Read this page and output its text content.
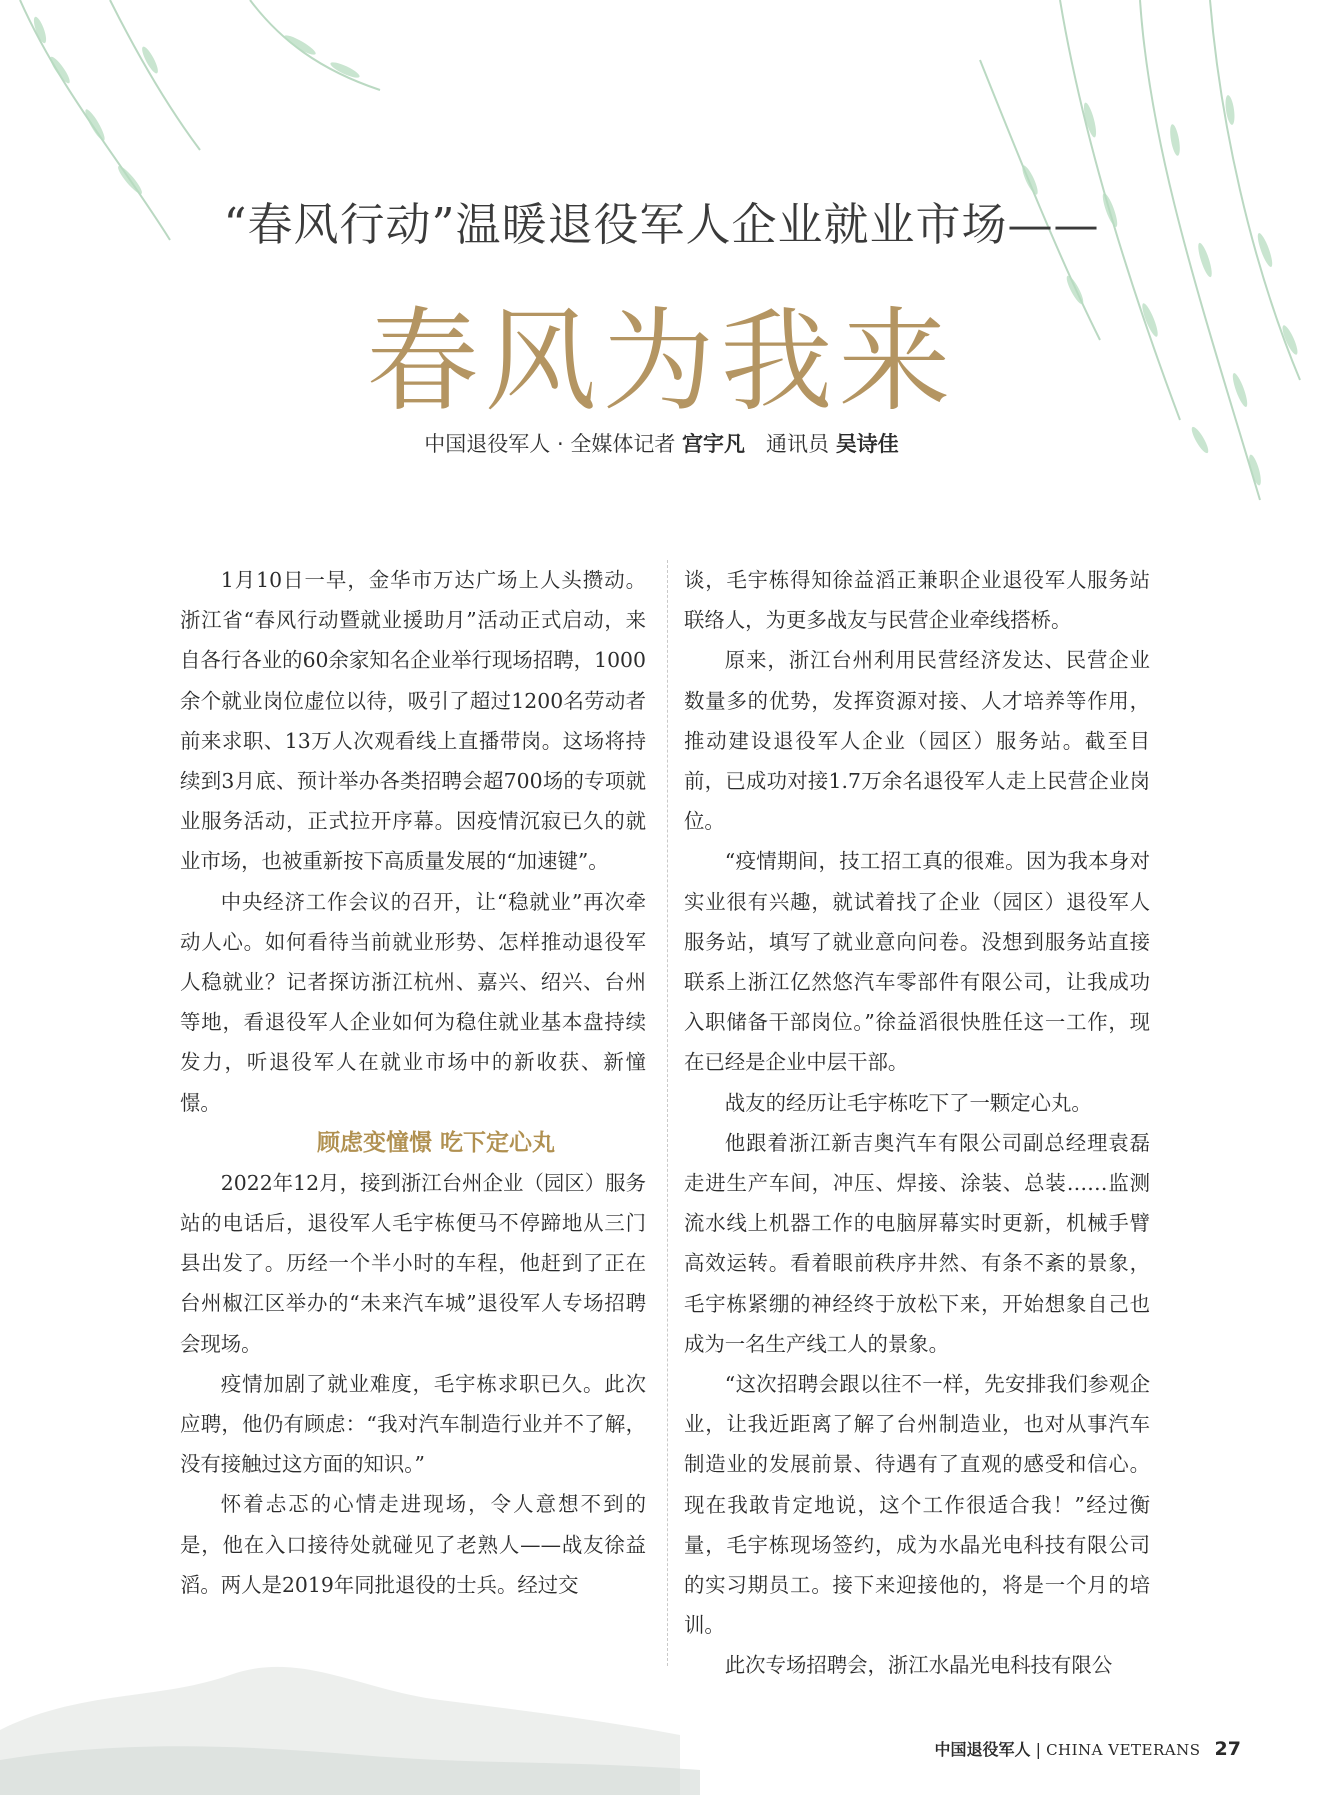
“春风行动”温暖退役军人企业就业市场——
春风为我来
中国退役军人 · 全媒体记者 宫宇凡　通讯员 吴诗佳

1月10日一早，金华市万达广场上人头攒动。浙江省“春风行动暨就业援助月”活动正式启动，来自各行各业的60余家知名企业举行现场招聘，1000余个就业岗位虚位以待，吸引了超过1200名劳动者前来求职、13万人次观看线上直播带岗。这场将持续到3月底、预计举办各类招聘会超700场的专项就业服务活动，正式拉开序幕。因疫情沉寂已久的就业市场，也被重新按下高质量发展的“加速键”。

中央经济工作会议的召开，让“稳就业”再次牵动人心。如何看待当前就业形势、怎样推动退役军人稳就业？记者探访浙江杭州、嘉兴、绍兴、台州等地，看退役军人企业如何为稳住就业基本盘持续发力，听退役军人在就业市场中的新收获、新憧憬。

顾虑变憧憬 吃下定心丸

2022年12月，接到浙江台州企业（园区）服务站的电话后，退役军人毛宇栋便马不停蹄地从三门县出发了。历经一个半小时的车程，他赶到了正在台州椒江区举办的“未来汽车城”退役军人专场招聘会现场。

疫情加剧了就业难度，毛宇栋求职已久。此次应聘，他仍有顾虑：“我对汽车制造行业并不了解，没有接触过这方面的知识。”

怀着忐忑的心情走进现场，令人意想不到的是，他在入口接待处就碰见了老熟人——战友徐益滔。两人是2019年同批退役的士兵。经过交

谈，毛宇栋得知徐益滔正兼职企业退役军人服务站联络人，为更多战友与民营企业牵线搭桥。

原来，浙江台州利用民营经济发达、民营企业数量多的优势，发挥资源对接、人才培养等作用，推动建设退役军人企业（园区）服务站。截至目前，已成功对接1.7万余名退役军人走上民营企业岗位。

“疫情期间，技工招工真的很难。因为我本身对实业很有兴趣，就试着找了企业（园区）退役军人服务站，填写了就业意向问卷。没想到服务站直接联系上浙江亿然悠汽车零部件有限公司，让我成功入职储备干部岗位。”徐益滔很快胜任这一工作，现在已经是企业中层干部。

战友的经历让毛宇栋吃下了一颗定心丸。

他跟着浙江新吉奥汽车有限公司副总经理袁磊走进生产车间，冲压、焊接、涂装、总装……监测流水线上机器工作的电脑屏幕实时更新，机械手臂高效运转。看着眼前秩序井然、有条不紊的景象，毛宇栋紧绷的神经终于放松下来，开始想象自己也成为一名生产线工人的景象。

“这次招聘会跟以往不一样，先安排我们参观企业，让我近距离了解了台州制造业，也对从事汽车制造业的发展前景、待遇有了直观的感受和信心。现在我敢肯定地说，这个工作很适合我！”经过衡量，毛宇栋现场签约，成为水晶光电科技有限公司的实习期员工。接下来迎接他的，将是一个月的培训。

此次专场招聘会，浙江水晶光电科技有限公

中国退役军人 | CHINA VETERANS 27
